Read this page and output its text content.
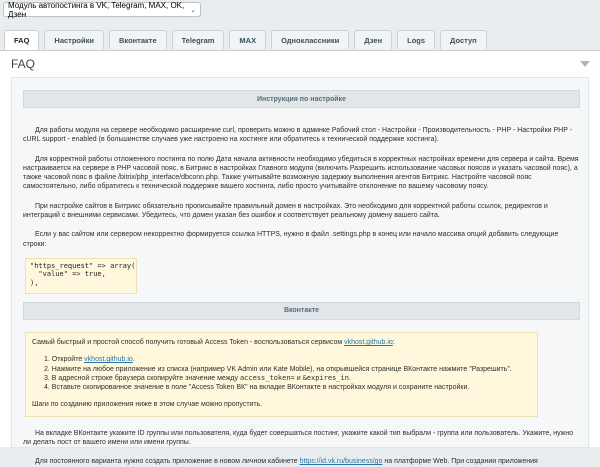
Модуль автопостинга в VK, Telegram, MAX, OK, Дзен	⌄
FAQ	Настройки	Вконтакте	Telegram	MAX	Одноклассники	Дзен	Logs	Доступ
FAQ
Инструкция по настройке

Для работы модуля на сервере необходимо расширение curl, проверить можно в админке Рабочий стол - Настройки - Производительность - PHP - Настройки PHP - cURL support - enabled (в большинстве случаев уже настроено на хостинге или обратитесь к технической поддержке хостинга).

Для корректной работы отложенного постинга по полю Дата начала активности необходимо убедиться в корректных настройках времени для сервера и сайта. Время настраивается на сервере в PHP часовой пояс, в Битрикс в настройках Главного модуля (включить Разрешить использование часовых поясов и указать часовой пояс), а также часовой пояс в файле /bitrix/php_interface/dbconn.php. Также учитывайте возможную задержку выполнения агентов Битрикс. Настройте часовой пояс самостоятельно, либо обратитесь к технической поддержке вашего хостинга, либо просто учитывайте отклонение по вашему часовому поясу.

При настройке сайтов в Битрикс обязательно прописывайте правильный домен в настройках. Это необходимо для корректной работы ссылок, редиректов и интеграций с внешними сервисами. Убедитесь, что домен указан без ошибок и соответствует реальному домену вашего сайта.

Если у вас сайтом или сервером некорректно формируется ссылка HTTPS, нужно в файл .settings.php в конец или начало массива опций добавить следующие строки:

"https_request" => array(
"value" => true,
),
Вконтакте
Самый быстрый и простой способ получить готовый Access Token - воспользоваться сервисом vkhost.github.io:
1. Откройте vkhost.github.io.
2. Нажмите на любое приложение из списка (например VK Admin или Kate Mobile), на открывшейся странице ВКонтакте нажмите "Разрешить".
3. В адресной строке браузера скопируйте значение между access_token= и &expires_in.
4. Вставьте скопированное значение в поле "Access Token ВК" на вкладке ВКонтакте в настройках модуля и сохраните настройки.
Шаги по созданию приложения ниже в этом случае можно пропустить.

На вкладке ВКонтакте укажите ID группы или пользователя, куда будет совершаться постинг, укажите какой тип выбрали - группа или пользователь. Укажите, нужно ли делать пост от вашего имени или имени группы.

Для постоянного варианта нужно создать приложение в новом личном кабинете https://id.vk.ru/business/go на платформе Web. При создании приложения
